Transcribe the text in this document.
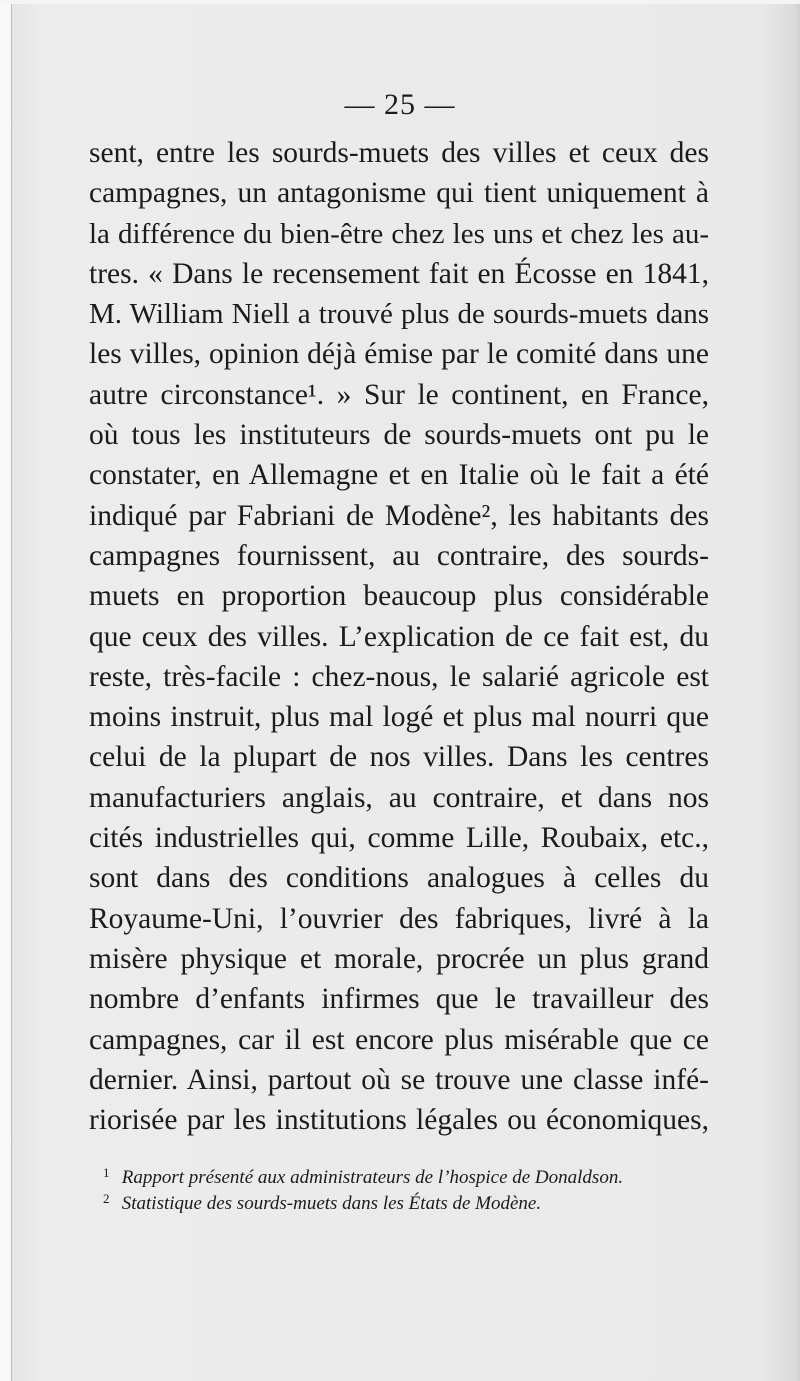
— 25 —
sent, entre les sourds-muets des villes et ceux des
campagnes, un antagonisme qui tient uniquement à
la différence du bien-être chez les uns et chez les au-
tres. « Dans le recensement fait en Écosse en 1841,
M. William Niell a trouvé plus de sourds-muets dans
les villes, opinion déjà émise par le comité dans une
autre circonstance¹. » Sur le continent, en France,
où tous les instituteurs de sourds-muets ont pu le
constater, en Allemagne et en Italie où le fait a été
indiqué par Fabriani de Modène², les habitants des
campagnes fournissent, au contraire, des sourds-
muets en proportion beaucoup plus considérable
que ceux des villes. L’explication de ce fait est, du
reste, très-facile : chez-nous, le salarié agricole est
moins instruit, plus mal logé et plus mal nourri que
celui de la plupart de nos villes. Dans les centres
manufacturiers anglais, au contraire, et dans nos
cités industrielles qui, comme Lille, Roubaix, etc.,
sont dans des conditions analogues à celles du
Royaume-Uni, l’ouvrier des fabriques, livré à la
misère physique et morale, procrée un plus grand
nombre d’enfants infirmes que le travailleur des
campagnes, car il est encore plus misérable que ce
dernier. Ainsi, partout où se trouve une classe infé-
riorisée par les institutions légales ou économiques,
1 Rapport présenté aux administrateurs de l’hospice de Donaldson.
2 Statistique des sourds-muets dans les États de Modène.
